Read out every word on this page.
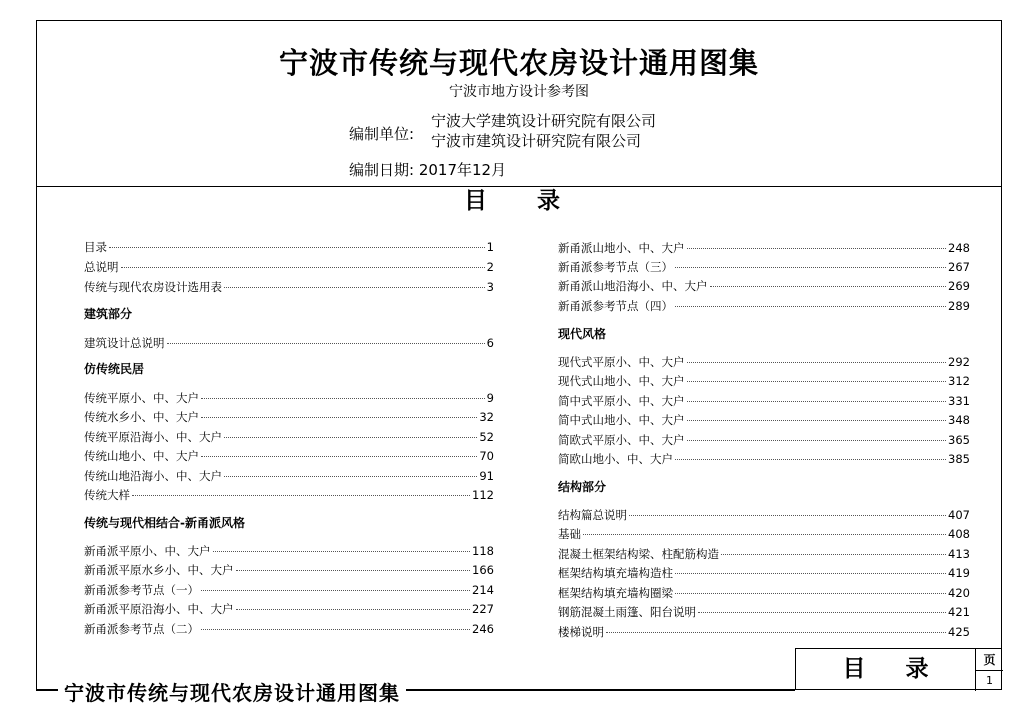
宁波市传统与现代农房设计通用图集
宁波市地方设计参考图
编制单位:
宁波大学建筑设计研究院有限公司
宁波市建筑设计研究院有限公司
编制日期: 2017年12月
目录
目录	1
总说明	2
传统与现代农房设计选用表	3
建筑部分
建筑设计总说明	6
仿传统民居
传统平原小、中、大户	9
传统水乡小、中、大户	32
传统平原沿海小、中、大户	52
传统山地小、中、大户	70
传统山地沿海小、中、大户	91
传统大样	112
传统与现代相结合-新甬派风格
新甬派平原小、中、大户	118
新甬派平原水乡小、中、大户	166
新甬派参考节点（一）	214
新甬派平原沿海小、中、大户	227
新甬派参考节点（二）	246
新甬派山地小、中、大户	248
新甬派参考节点（三）	267
新甬派山地沿海小、中、大户	269
新甬派参考节点（四）	289
现代风格
现代式平原小、中、大户	292
现代式山地小、中、大户	312
简中式平原小、中、大户	331
简中式山地小、中、大户	348
简欧式平原小、中、大户	365
简欧山地小、中、大户	385
结构部分
结构篇总说明	407
基础	408
混凝土框架结构梁、柱配筋构造	413
框架结构填充墙构造柱	419
框架结构填充墙构圈梁	420
钢筋混凝土雨篷、阳台说明	421
楼梯说明	425
目录	页
1
宁波市传统与现代农房设计通用图集
